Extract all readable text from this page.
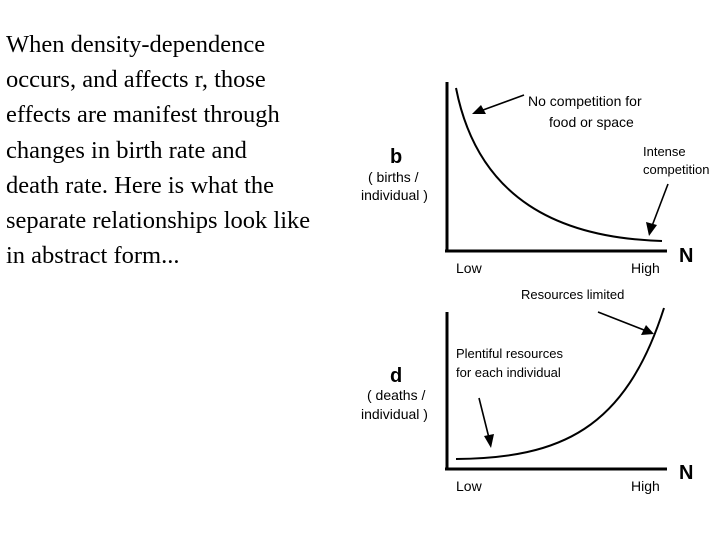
When density-dependence
occurs, and affects r, those
effects are manifest through
changes in birth rate and
death rate. Here is what the
separate relationships look like
in abstract form...

b
( births /
individual )
Low	High
N
No competition for
food or space
Intense
competition
d
( deaths /
individual )
Low	High
N
Resources limited
Plentiful resources
for each individual
